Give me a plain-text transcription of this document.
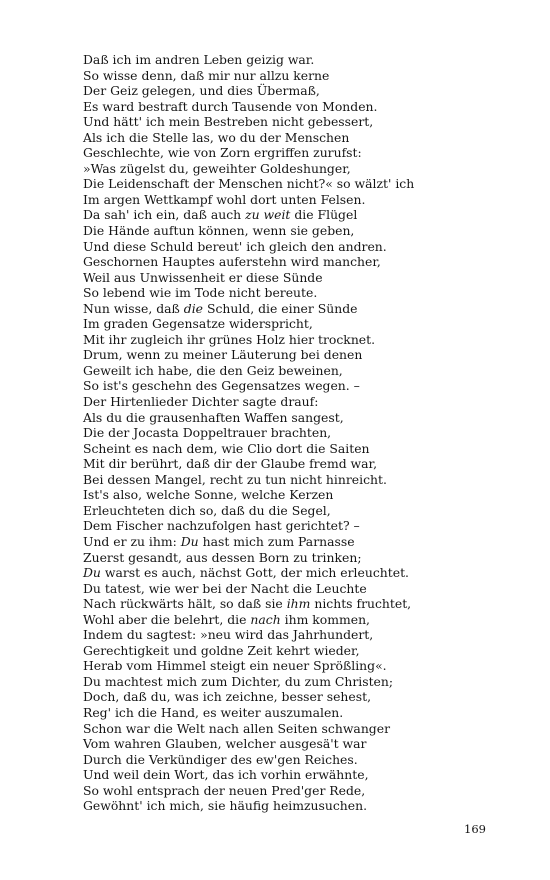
Daß ich im andren Leben geizig war.
So wisse denn, daß mir nur allzu kerne
Der Geiz gelegen, und dies Übermaß,
Es ward bestraft durch Tausende von Monden.
Und hätt' ich mein Bestreben nicht gebessert,
Als ich die Stelle las, wo du der Menschen
Geschlechte, wie von Zorn ergriffen zurufst:
»Was zügelst du, geweihter Goldeshunger,
Die Leidenschaft der Menschen nicht?« so wälzt' ich
Im argen Wettkampf wohl dort unten Felsen.
Da sah' ich ein, daß auch zu weit die Flügel
Die Hände auftun können, wenn sie geben,
Und diese Schuld bereut' ich gleich den andren.
Geschornen Hauptes auferstehn wird mancher,
Weil aus Unwissenheit er diese Sünde
So lebend wie im Tode nicht bereute.
Nun wisse, daß die Schuld, die einer Sünde
Im graden Gegensatze widerspricht,
Mit ihr zugleich ihr grünes Holz hier trocknet.
Drum, wenn zu meiner Läuterung bei denen
Geweilt ich habe, die den Geiz beweinen,
So ist's geschehn des Gegensatzes wegen. –
Der Hirtenlieder Dichter sagte drauf:
Als du die grausenhaften Waffen sangest,
Die der Jocasta Doppeltrauer brachten,
Scheint es nach dem, wie Clio dort die Saiten
Mit dir berührt, daß dir der Glaube fremd war,
Bei dessen Mangel, recht zu tun nicht hinreicht.
Ist's also, welche Sonne, welche Kerzen
Erleuchteten dich so, daß du die Segel,
Dem Fischer nachzufolgen hast gerichtet? –
Und er zu ihm: Du hast mich zum Parnasse
Zuerst gesandt, aus dessen Born zu trinken;
Du warst es auch, nächst Gott, der mich erleuchtet.
Du tatest, wie wer bei der Nacht die Leuchte
Nach rückwärts hält, so daß sie ihm nichts fruchtet,
Wohl aber die belehrt, die nach ihm kommen,
Indem du sagtest: »neu wird das Jahrhundert,
Gerechtigkeit und goldne Zeit kehrt wieder,
Herab vom Himmel steigt ein neuer Sprößling«.
Du machtest mich zum Dichter, du zum Christen;
Doch, daß du, was ich zeichne, besser sehest,
Reg' ich die Hand, es weiter auszumalen.
Schon war die Welt nach allen Seiten schwanger
Vom wahren Glauben, welcher ausgesä't war
Durch die Verkündiger des ew'gen Reiches.
Und weil dein Wort, das ich vorhin erwähnte,
So wohl entsprach der neuen Pred'ger Rede,
Gewöhnt' ich mich, sie häufig heimzusuchen.
169
